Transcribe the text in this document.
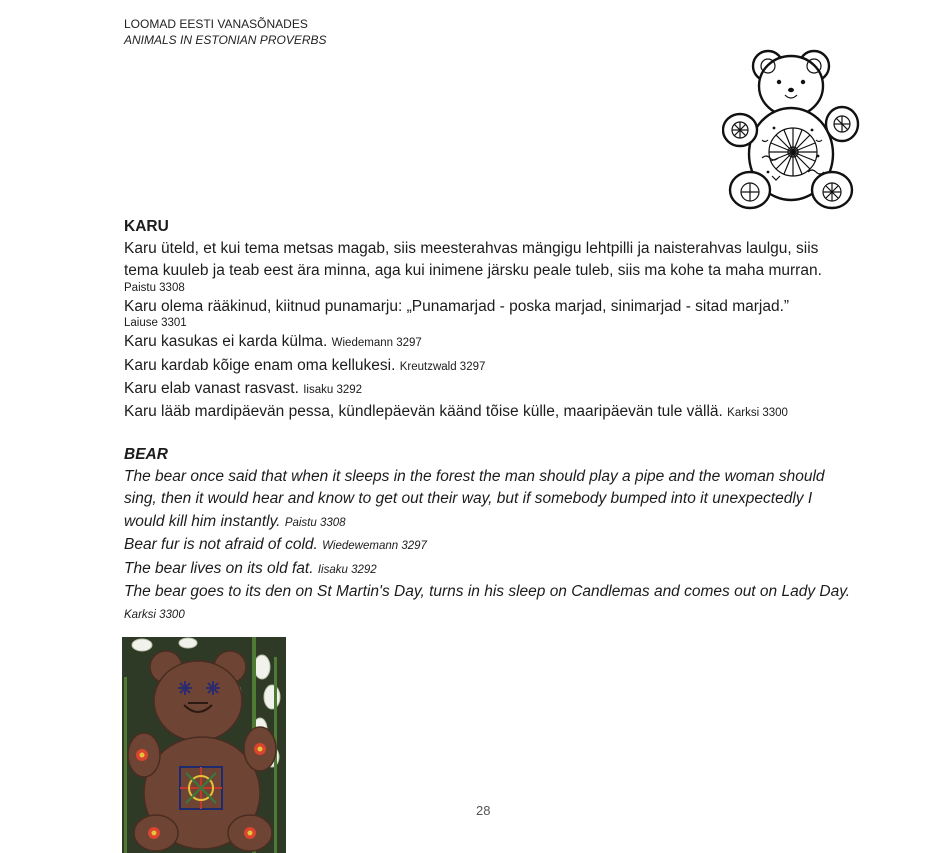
LOOMAD EESTI VANASÕNADES
ANIMALS IN ESTONIAN PROVERBS
KARU

Karu üteld, et kui tema metsas magab, siis meesterahvas mängigu lehtpilli ja naisterahvas laulgu, siis tema kuuleb ja teab eest ära minna, aga kui inimene järsku peale tuleb, siis ma kohe ta maha murran.
Paistu 3308

Karu olema rääkinud, kiitnud punamarju: „Punamarjad - poska marjad, sinimarjad - sitad marjad.”
Laiuse 3301

Karu kasukas ei karda külma. Wiedemann 3297

Karu kardab kõige enam oma kellukesi. Kreutzwald 3297

Karu elab vanast rasvast. Iisaku 3292

Karu lääb mardipäevän pessa, kündlepäevän käänd tõise külle, maaripäevän tule vällä. Karksi 3300

BEAR

The bear once said that when it sleeps in the forest the man should play a pipe and the woman should sing, then it would hear and know to get out their way, but if somebody bumped into it unexpectedly I would kill him instantly. Paistu 3308

Bear fur is not afraid of cold. Wiedewemann 3297

The bear lives on its old fat. Iisaku 3292

The bear goes to its den on St Martin's Day, turns in his sleep on Candlemas and comes out on Lady Day. Karksi 3300

28
